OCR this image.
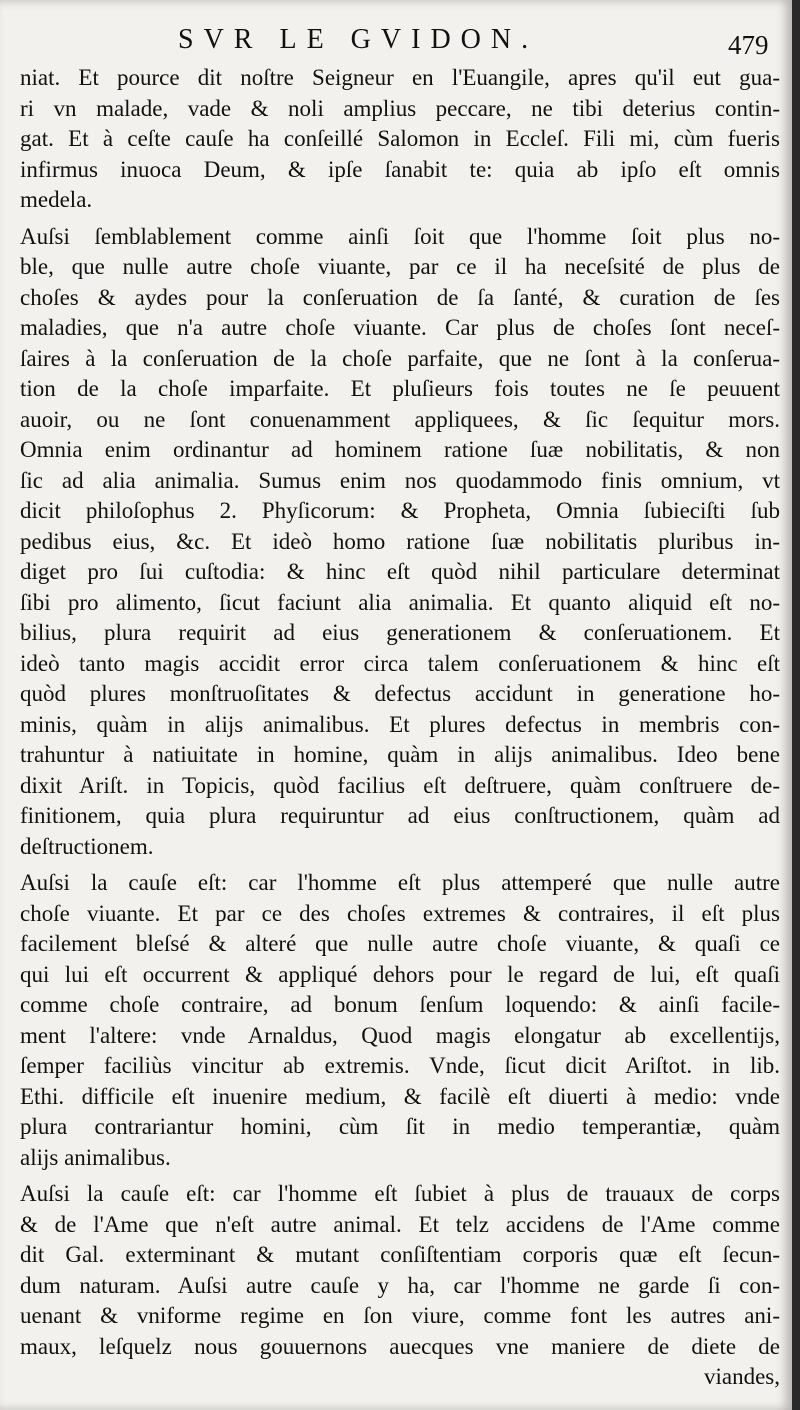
SVR LE GVIDON.	479
niat. Et pource dit noſtre Seigneur en l'Euangile, apres qu'il eut gua-
ri vn malade, vade & noli amplius peccare, ne tibi deterius contin-
gat. Et à ceſte cauſe ha conſeillé Salomon in Eccleſ. Fili mi, cùm fueris
infirmus inuoca Deum, & ipſe ſanabit te: quia ab ipſo eſt omnis
medela.
Auſsi ſemblablement comme ainſi ſoit que l'homme ſoit plus no-
ble, que nulle autre choſe viuante, par ce il ha neceſsité de plus de
choſes & aydes pour la conſeruation de ſa ſanté, & curation de ſes
maladies, que n'a autre choſe viuante. Car plus de choſes ſont neceſ-
ſaires à la conſeruation de la choſe parfaite, que ne ſont à la conſerua-
tion de la choſe imparfaite. Et pluſieurs fois toutes ne ſe peuuent
auoir, ou ne ſont conuenamment appliquees, & ſic ſequitur mors.
Omnia enim ordinantur ad hominem ratione ſuæ nobilitatis, & non
ſic ad alia animalia. Sumus enim nos quodammodo finis omnium, vt
dicit philoſophus 2. Phyſicorum: & Propheta, Omnia ſubieciſti ſub
pedibus eius, &c. Et ideò homo ratione ſuæ nobilitatis pluribus in-
diget pro ſui cuſtodia: & hinc eſt quòd nihil particulare determinat
ſibi pro alimento, ſicut faciunt alia animalia. Et quanto aliquid eſt no-
bilius, plura requirit ad eius generationem & conſeruationem. Et
ideò tanto magis accidit error circa talem conſeruationem & hinc eſt
quòd plures monſtruoſitates & defectus accidunt in generatione ho-
minis, quàm in alijs animalibus. Et plures defectus in membris con-
trahuntur à natiuitate in homine, quàm in alijs animalibus. Ideo bene
dixit Ariſt. in Topicis, quòd facilius eſt deſtruere, quàm conſtruere de-
finitionem, quia plura requiruntur ad eius conſtructionem, quàm ad
deſtructionem.
Auſsi la cauſe eſt: car l'homme eſt plus attemperé que nulle autre
choſe viuante. Et par ce des choſes extremes & contraires, il eſt plus
facilement bleſsé & alteré que nulle autre choſe viuante, & quaſi ce
qui lui eſt occurrent & appliqué dehors pour le regard de lui, eſt quaſi
comme choſe contraire, ad bonum ſenſum loquendo: & ainſi facile-
ment l'altere: vnde Arnaldus, Quod magis elongatur ab excellentijs,
ſemper faciliùs vincitur ab extremis. Vnde, ſicut dicit Ariſtot. in lib.
Ethi. difficile eſt inuenire medium, & facilè eſt diuerti à medio: vnde
plura contrariantur homini, cùm ſit in medio temperantiæ, quàm
alijs animalibus.
Auſsi la cauſe eſt: car l'homme eſt ſubiet à plus de trauaux de corps
& de l'Ame que n'eſt autre animal. Et telz accidens de l'Ame comme
dit Gal. exterminant & mutant conſiſtentiam corporis quæ eſt ſecun-
dum naturam. Auſsi autre cauſe y ha, car l'homme ne garde ſi con-
uenant & vniforme regime en ſon viure, comme font les autres ani-
maux, leſquelz nous gouuernons auecques vne maniere de diete de
viandes,
